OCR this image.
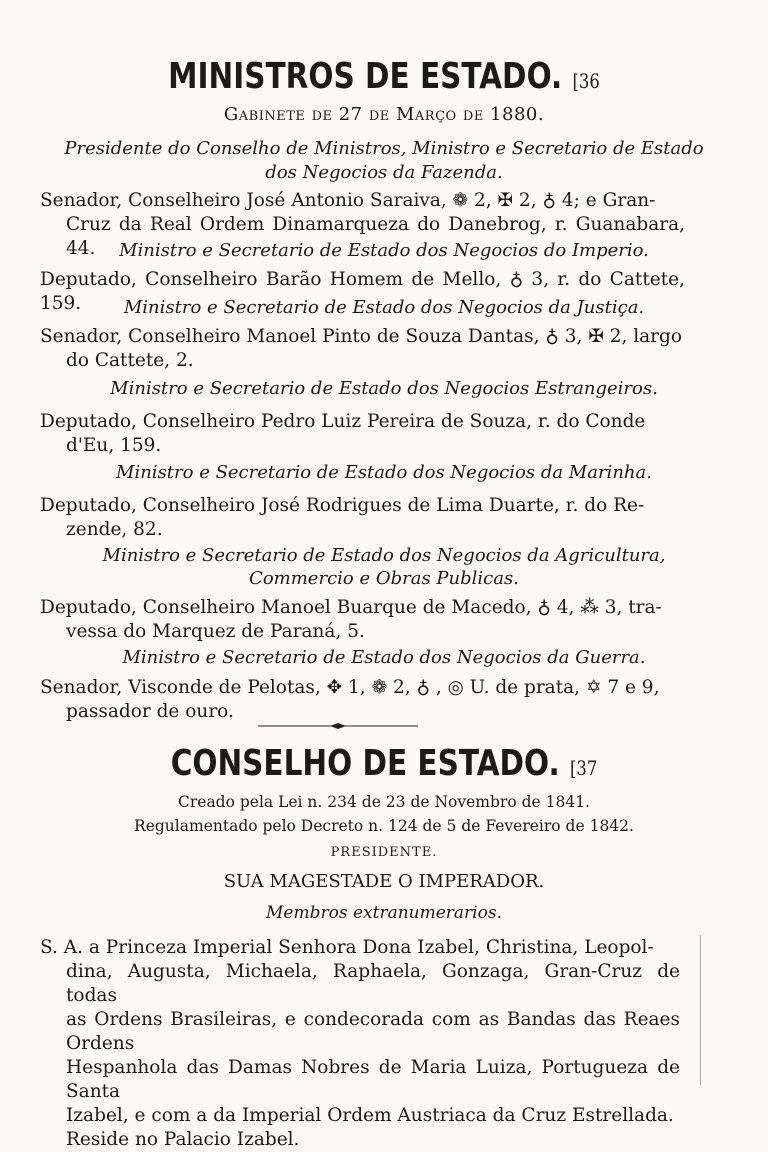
MINISTROS DE ESTADO. [36
Gabinete de 27 de Março de 1880.
Presidente do Conselho de Ministros, Ministro e Secretario de Estado
dos Negocios da Fazenda.
Senador, Conselheiro José Antonio Saraiva, ❁ 2, ✠ 2, ♁ 4; e Gran-
Cruz da Real Ordem Dinamarqueza do Danebrog, r. Guanabara, 44.	Ministro e Secretario de Estado dos Negocios do Imperio.
Deputado, Conselheiro Barão Homem de Mello, ♁ 3, r. do Cattete, 159.	Ministro e Secretario de Estado dos Negocios da Justiça.
Senador, Conselheiro Manoel Pinto de Souza Dantas, ♁ 3, ✠ 2, largo
do Cattete, 2.
Ministro e Secretario de Estado dos Negocios Estrangeiros.
Deputado, Conselheiro Pedro Luiz Pereira de Souza, r. do Conde
d'Eu, 159.
Ministro e Secretario de Estado dos Negocios da Marinha.
Deputado, Conselheiro José Rodrigues de Lima Duarte, r. do Re-
zende, 82.
Ministro e Secretario de Estado dos Negocios da Agricultura,
Commercio e Obras Publicas.
Deputado, Conselheiro Manoel Buarque de Macedo, ♁ 4, ⁂ 3, tra-
vessa do Marquez de Paraná, 5.
Ministro e Secretario de Estado dos Negocios da Guerra.
Senador, Visconde de Pelotas, ✥ 1, ❁ 2, ♁ , ◎ U. de prata, ✡ 7 e 9,
passador de ouro.
CONSELHO DE ESTADO. [37
Creado pela Lei n. 234 de 23 de Novembro de 1841.
Regulamentado pelo Decreto n. 124 de 5 de Fevereiro de 1842.
PRESIDENTE.
SUA MAGESTADE O IMPERADOR.
Membros extranumerarios.
S. A. a Princeza Imperial Senhora Dona Izabel, Christina, Leopol-
dina, Augusta, Michaela, Raphaela, Gonzaga, Gran-Cruz de todas
as Ordens Brasileiras, e condecorada com as Bandas das Reaes Ordens
Hespanhola das Damas Nobres de Maria Luiza, Portugueza de Santa
Izabel, e com a da Imperial Ordem Austriaca da Cruz Estrellada.
Reside no Palacio Izabel.
